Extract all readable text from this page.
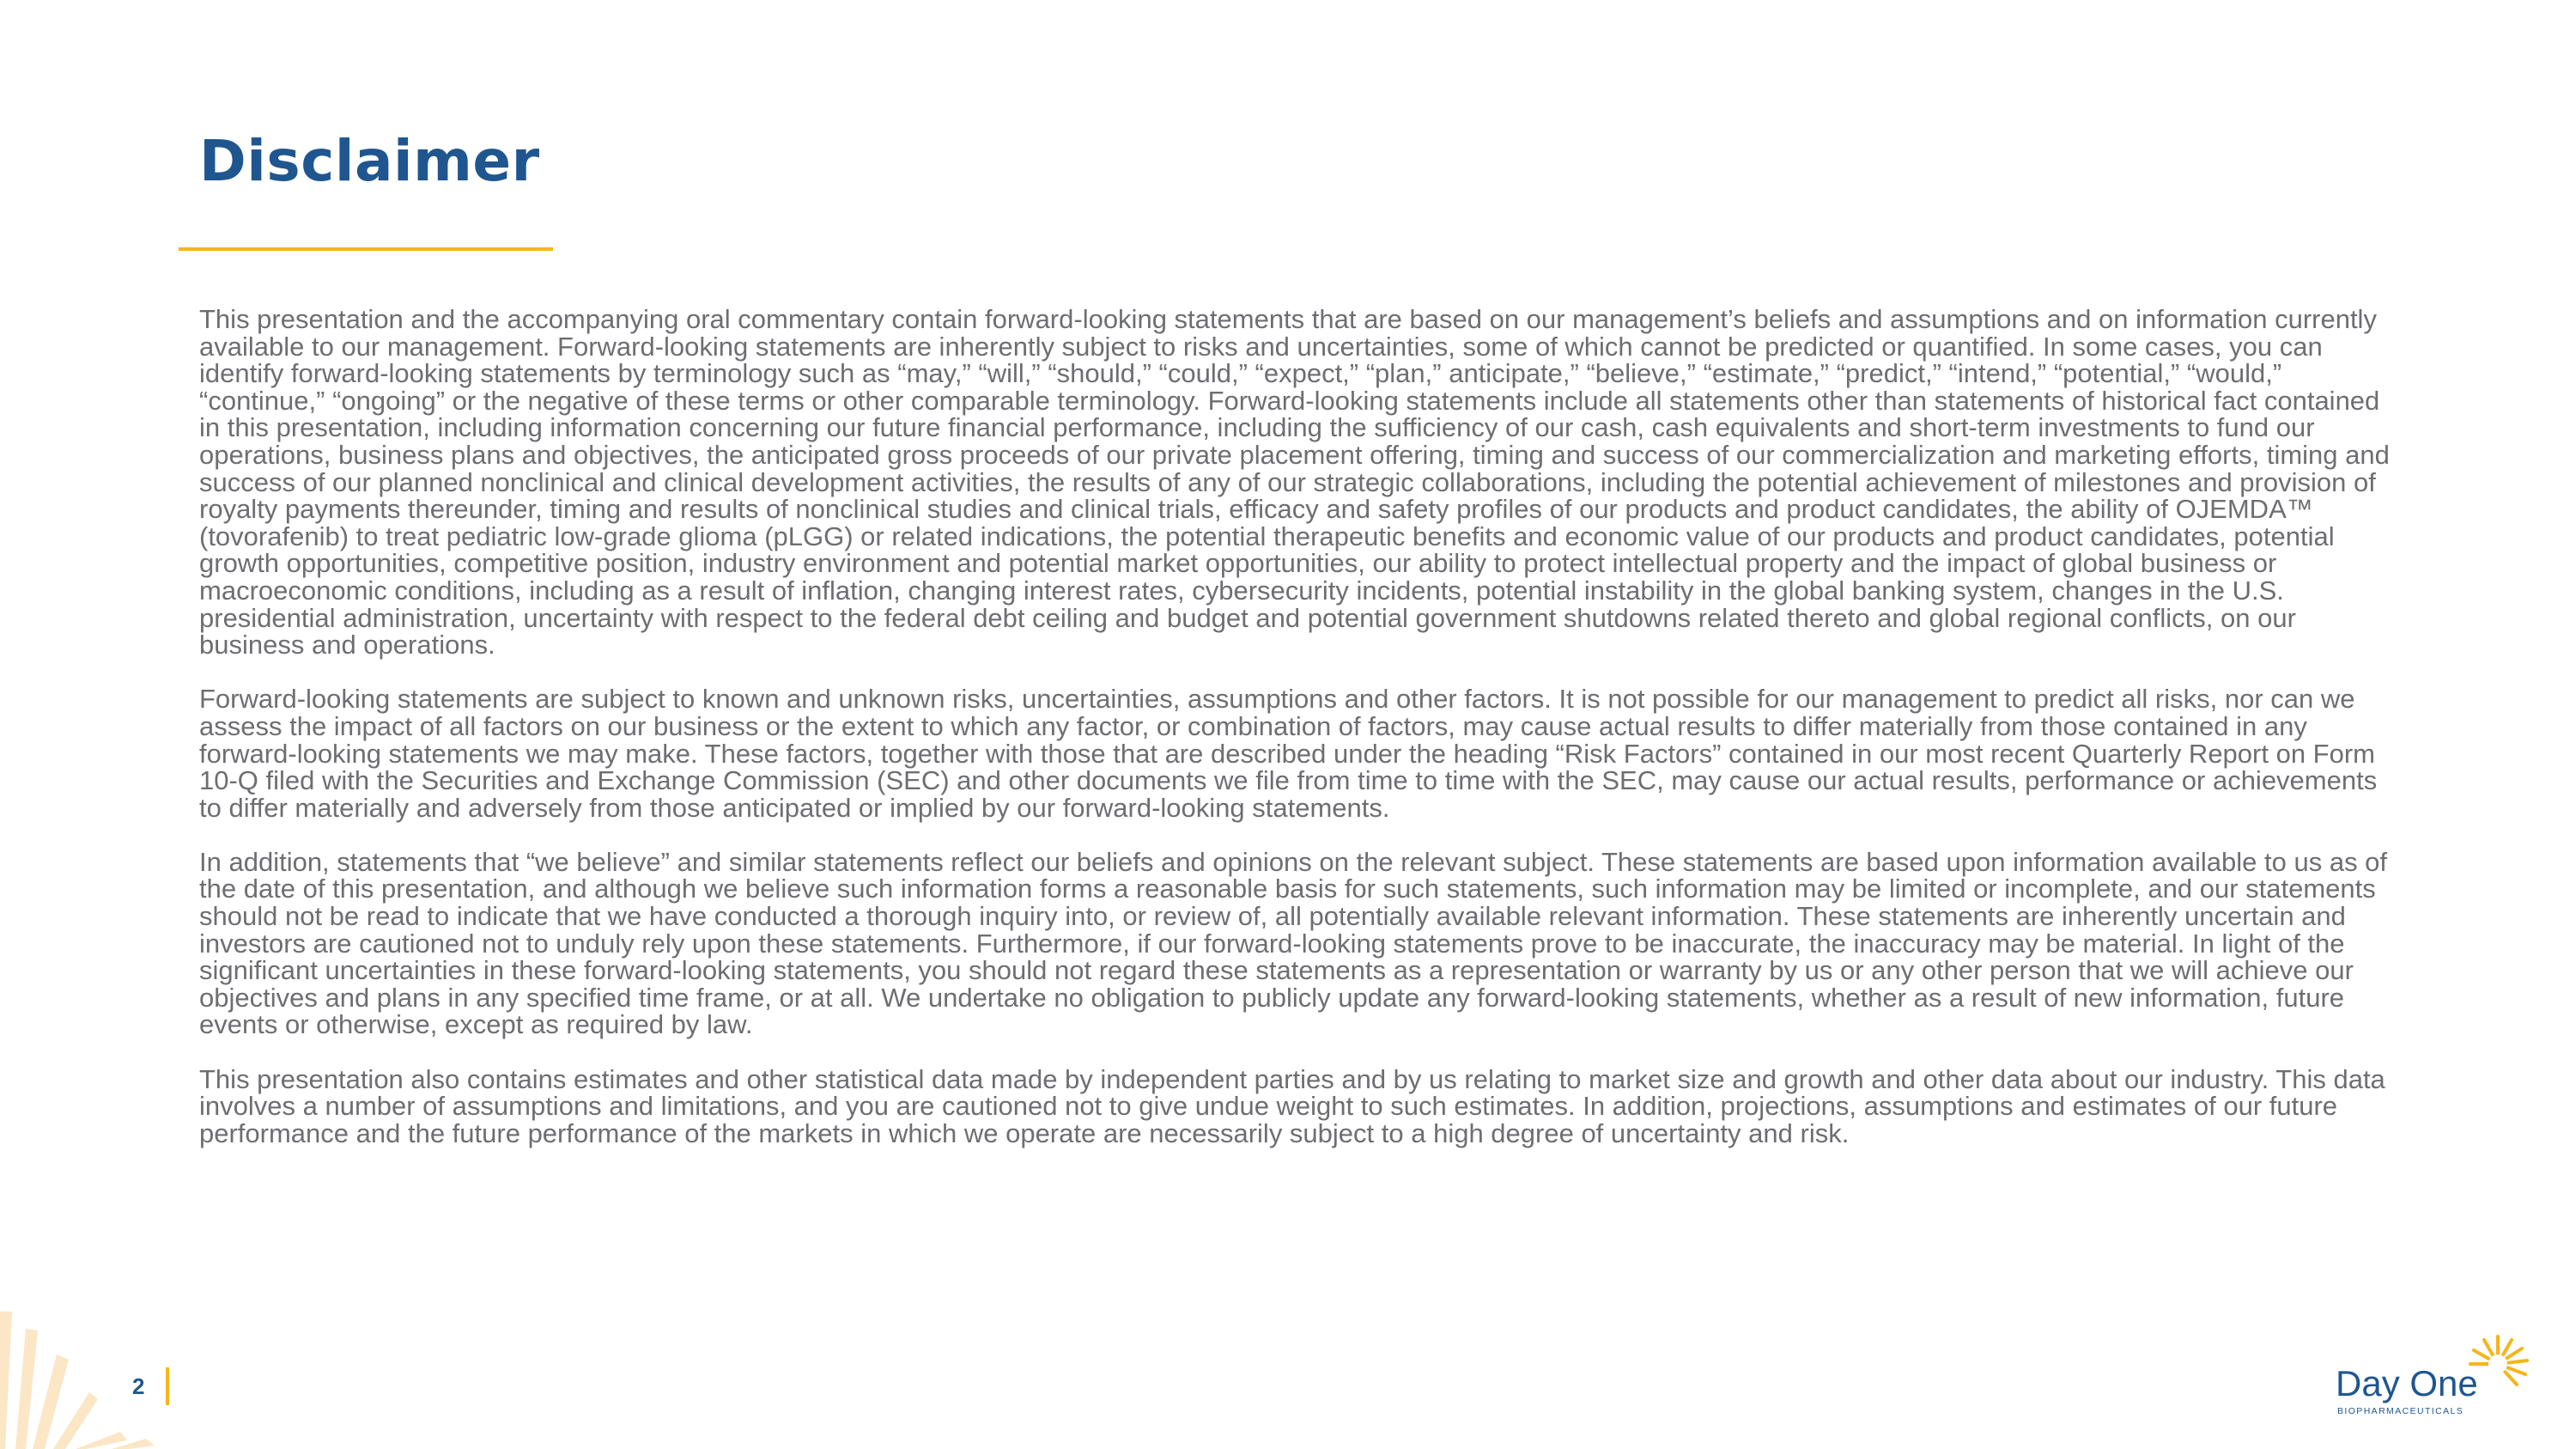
Disclaimer

This presentation and the accompanying oral commentary contain forward-looking statements that are based on our management’s beliefs and assumptions and on information currently available to our management. Forward-looking statements are inherently subject to risks and uncertainties, some of which cannot be predicted or quantified. In some cases, you can identify forward-looking statements by terminology such as “may,” “will,” “should,” “could,” “expect,” “plan,” anticipate,” “believe,” “estimate,” “predict,” “intend,” “potential,” “would,” “continue,” “ongoing” or the negative of these terms or other comparable terminology. Forward-looking statements include all statements other than statements of historical fact contained in this presentation, including information concerning our future financial performance, including the sufficiency of our cash, cash equivalents and short-term investments to fund our operations, business plans and objectives, the anticipated gross proceeds of our private placement offering, timing and success of our commercialization and marketing efforts, timing and success of our planned nonclinical and clinical development activities, the results of any of our strategic collaborations, including the potential achievement of milestones and provision of royalty payments thereunder, timing and results of nonclinical studies and clinical trials, efficacy and safety profiles of our products and product candidates, the ability of OJEMDA™ (tovorafenib) to treat pediatric low-grade glioma (pLGG) or related indications, the potential therapeutic benefits and economic value of our products and product candidates, potential growth opportunities, competitive position, industry environment and potential market opportunities, our ability to protect intellectual property and the impact of global business or macroeconomic conditions, including as a result of inflation, changing interest rates, cybersecurity incidents, potential instability in the global banking system, changes in the U.S. presidential administration, uncertainty with respect to the federal debt ceiling and budget and potential government shutdowns related thereto and global regional conflicts, on our business and operations.

Forward-looking statements are subject to known and unknown risks, uncertainties, assumptions and other factors. It is not possible for our management to predict all risks, nor can we assess the impact of all factors on our business or the extent to which any factor, or combination of factors, may cause actual results to differ materially from those contained in any forward-looking statements we may make. These factors, together with those that are described under the heading “Risk Factors” contained in our most recent Quarterly Report on Form 10-Q filed with the Securities and Exchange Commission (SEC) and other documents we file from time to time with the SEC, may cause our actual results, performance or achievements to differ materially and adversely from those anticipated or implied by our forward-looking statements.

In addition, statements that “we believe” and similar statements reflect our beliefs and opinions on the relevant subject. These statements are based upon information available to us as of the date of this presentation, and although we believe such information forms a reasonable basis for such statements, such information may be limited or incomplete, and our statements should not be read to indicate that we have conducted a thorough inquiry into, or review of, all potentially available relevant information. These statements are inherently uncertain and investors are cautioned not to unduly rely upon these statements. Furthermore, if our forward-looking statements prove to be inaccurate, the inaccuracy may be material. In light of the significant uncertainties in these forward-looking statements, you should not regard these statements as a representation or warranty by us or any other person that we will achieve our objectives and plans in any specified time frame, or at all. We undertake no obligation to publicly update any forward-looking statements, whether as a result of new information, future events or otherwise, except as required by law.

This presentation also contains estimates and other statistical data made by independent parties and by us relating to market size and growth and other data about our industry. This data involves a number of assumptions and limitations, and you are cautioned not to give undue weight to such estimates. In addition, projections, assumptions and estimates of our future performance and the future performance of the markets in which we operate are necessarily subject to a high degree of uncertainty and risk.

2	Day One
BIOPHARMACEUTICALS
